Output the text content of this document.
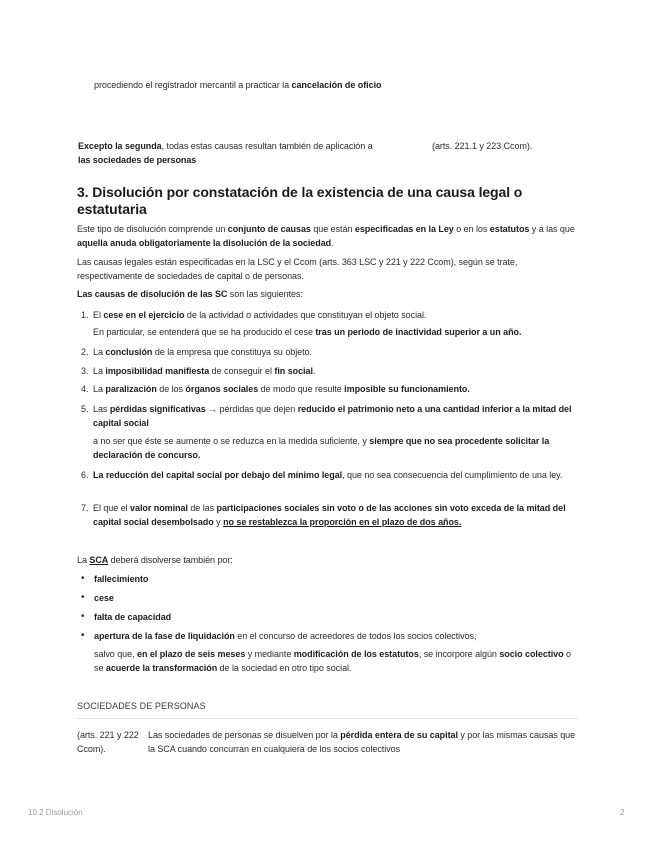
procediendo el registrador mercantil a practicar la cancelación de oficio
Excepto la segunda, todas estas causas resultan también de aplicación a
las sociedades de personas
(arts. 221.1 y 223 Ccom).
3. Disolución por constatación de la existencia de una causa legal o estatutaria
Este tipo de disolución comprende un conjunto de causas que están especificadas en la Ley o en los estatutos y a las que aquella anuda obligatoriamente la disolución de la sociedad.
Las causas legales están especificadas en la LSC y el Ccom (arts. 363 LSC y 221 y 222 Ccom), según se trate, respectivamente de sociedades de capital o de personas.
Las causas de disolución de las SC son las siguientes:
1. El cese en el ejercicio de la actividad o actividades que constituyan el objeto social.
En particular, se entenderá que se ha producido el cese tras un periodo de inactividad superior a un año.
2. La conclusión de la empresa que constituya su objeto.
3. La imposibilidad manifiesta de conseguir el fin social.
4. La paralización de los órganos sociales de modo que resulte imposible su funcionamiento.
5. Las pérdidas significativas → pérdidas que dejen reducido el patrimonio neto a una cantidad inferior a la mitad del capital social
a no ser que éste se aumente o se reduzca en la medida suficiente, y siempre que no sea procedente solicitar la declaración de concurso.
6. La reducción del capital social por debajo del mínimo legal, que no sea consecuencia del cumplimiento de una ley.
7. El que el valor nominal de las participaciones sociales sin voto o de las acciones sin voto exceda de la mitad del capital social desembolsado y no se restablezca la proporción en el plazo de dos años.
La SCA deberá disolverse también por:
• fallecimiento
• cese
• falta de capacidad
• apertura de la fase de liquidación en el concurso de acreedores de todos los socios colectivos,
salvo que, en el plazo de seis meses y mediante modificación de los estatutos, se incorpore algún socio colectivo o se acuerde la transformación de la sociedad en otro tipo social.
SOCIEDADES DE PERSONAS
(arts. 221 y 222 Ccom).
Las sociedades de personas se disuelven por la pérdida entera de su capital y por las mismas causas que la SCA cuando concurran en cualquiera de los socios colectivos
10.2 Disolución	2
